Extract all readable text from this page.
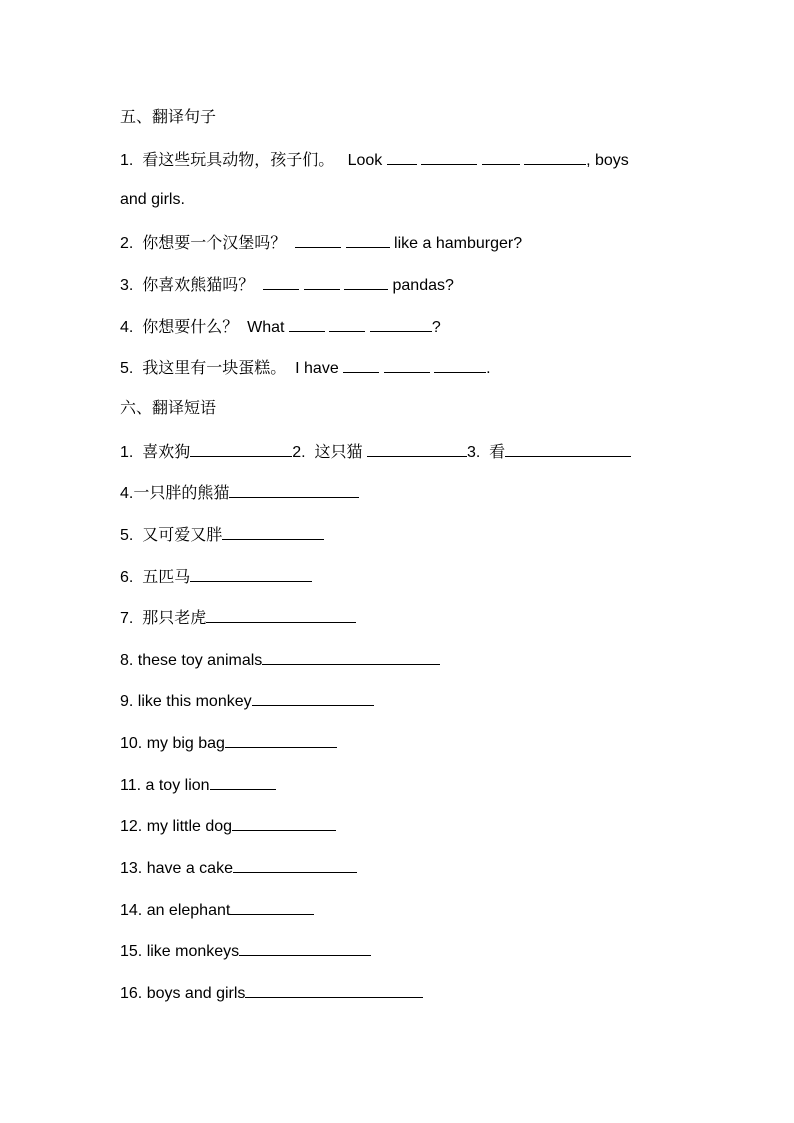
五、翻译句子
1.  看这些玩具动物，孩子们。   Look	, boys
and girls.
2.  你想要一个汉堡吗？	like a hamburger?
3.  你喜欢熊猫吗？	pandas?
4.  你想要什么？  What	?
5.  我这里有一块蛋糕。  I have	.
六、翻译短语
1.  喜欢狗	2.  这只猫	3.  看
4.一只胖的熊猫
5.  又可爱又胖
6.  五匹马
7.  那只老虎
8. these toy animals
9. like this monkey
10. my big bag
11. a toy lion
12. my little dog
13. have a cake
14. an elephant
15. like monkeys
16. boys and girls
